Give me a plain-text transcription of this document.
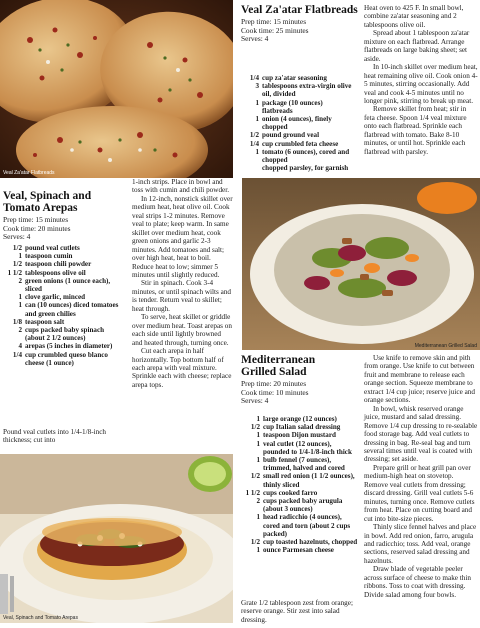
Veal Za'atar Flatbreads
Mediterranean Grilled Salad
Veal, Spinach and Tomato Arepas
Veal Za'atar Flatbreads
Prep time: 15 minutes
Cook time: 25 minutes
Serves: 4
1/4 cup za'atar seasoning
3 tablespoons extra-virgin olive oil, divided
1 package (10 ounces) flatbreads
1 onion (4 ounces), finely chopped
1/2 pound ground veal
1/4 cup crumbled feta cheese
1 tomato (6 ounces), cored and chopped
chopped parsley, for garnish

Heat oven to 425 F. In small bowl, combine za'atar seasoning and 2 tablespoons olive oil.

Spread about 1 tablespoon za'atar mixture on each flatbread. Arrange flatbreads on large baking sheet; set aside.

In 10-inch skillet over medium heat, heat remaining olive oil. Cook onion 4-5 minutes, stirring occasionally. Add veal and cook 4-5 minutes until no longer pink, stirring to break up meat.

Remove skillet from heat; stir in feta cheese. Spoon 1/4 veal mixture onto each flatbread. Sprinkle each flatbread with tomato. Bake 8-10 minutes, or until hot. Sprinkle each flatbread with parsley.

Veal, Spinach and Tomato Arepas
Prep time: 15 minutes
Cook time: 20 minutes
Serves: 4
1/2 pound veal cutlets
1 teaspoon cumin
1/2 teaspoon chili powder
1 1/2 tablespoons olive oil
2 green onions (1 ounce each), sliced
1 clove garlic, minced
1 can (10 ounces) diced tomatoes and green chilies
1/8 teaspoon salt
2 cups packed baby spinach (about 2 1/2 ounces)
4 arepas (5 inches in diameter)
1/4 cup crumbled queso blanco cheese (1 ounce)
Pound veal cutlets into 1/4-1/8-inch thickness; cut into

1-inch strips. Place in bowl and toss with cumin and chili powder.

In 12-inch, nonstick skillet over medium heat, heat olive oil. Cook veal strips 1-2 minutes. Remove veal to plate; keep warm. In same skillet over medium heat, cook green onions and garlic 2-3 minutes. Add tomatoes and salt; over high heat, heat to boil. Reduce heat to low; simmer 5 minutes until slightly reduced.

Stir in spinach. Cook 3-4 minutes, or until spinach wilts and is tender. Return veal to skillet; heat through.

To serve, heat skillet or griddle over medium heat. Toast arepas on each side until lightly browned and heated through, turning once.

Cut each arepa in half horizontally. Top bottom half of each arepa with veal mixture. Sprinkle each with cheese; replace arepa tops.

Mediterranean Grilled Salad
Prep time: 20 minutes
Cook time: 10 minutes
Serves: 4
1 large orange (12 ounces)
1/2 cup Italian salad dressing
1 teaspoon Dijon mustard
1 veal cutlet (12 ounces), pounded to 1/4-1/8-inch thick
1 bulb fennel (7 ounces), trimmed, halved and cored
1/2 small red onion (1 1/2 ounces), thinly sliced
1 1/2 cups cooked farro
2 cups packed baby arugula (about 3 ounces)
1 head radicchio (4 ounces), cored and torn (about 2 cups packed)
1/2 cup toasted hazelnuts, chopped
1 ounce Parmesan cheese
Grate 1/2 tablespoon zest from orange; reserve orange. Stir zest into salad dressing.

Use knife to remove skin and pith from orange. Use knife to cut between fruit and membrane to release each orange section. Squeeze membrane to extract 1/4 cup juice; reserve juice and orange sections.

In bowl, whisk reserved orange juice, mustard and salad dressing. Remove 1/4 cup dressing to re-sealable food storage bag. Add veal cutlets to dressing in bag. Re-seal bag and turn several times until veal is coated with dressing; set aside.

Prepare grill or heat grill pan over medium-high heat on stovetop. Remove veal cutlets from dressing; discard dressing. Grill veal cutlets 5-6 minutes, turning once. Remove cutlets from heat. Place on cutting board and cut into bite-size pieces.

Thinly slice fennel halves and place in bowl. Add red onion, farro, arugula and radicchio; toss. Add veal, orange sections, reserved salad dressing and hazelnuts.

Draw blade of vegetable peeler across surface of cheese to make thin ribbons. Toss to coat with dressing. Divide salad among four bowls.
